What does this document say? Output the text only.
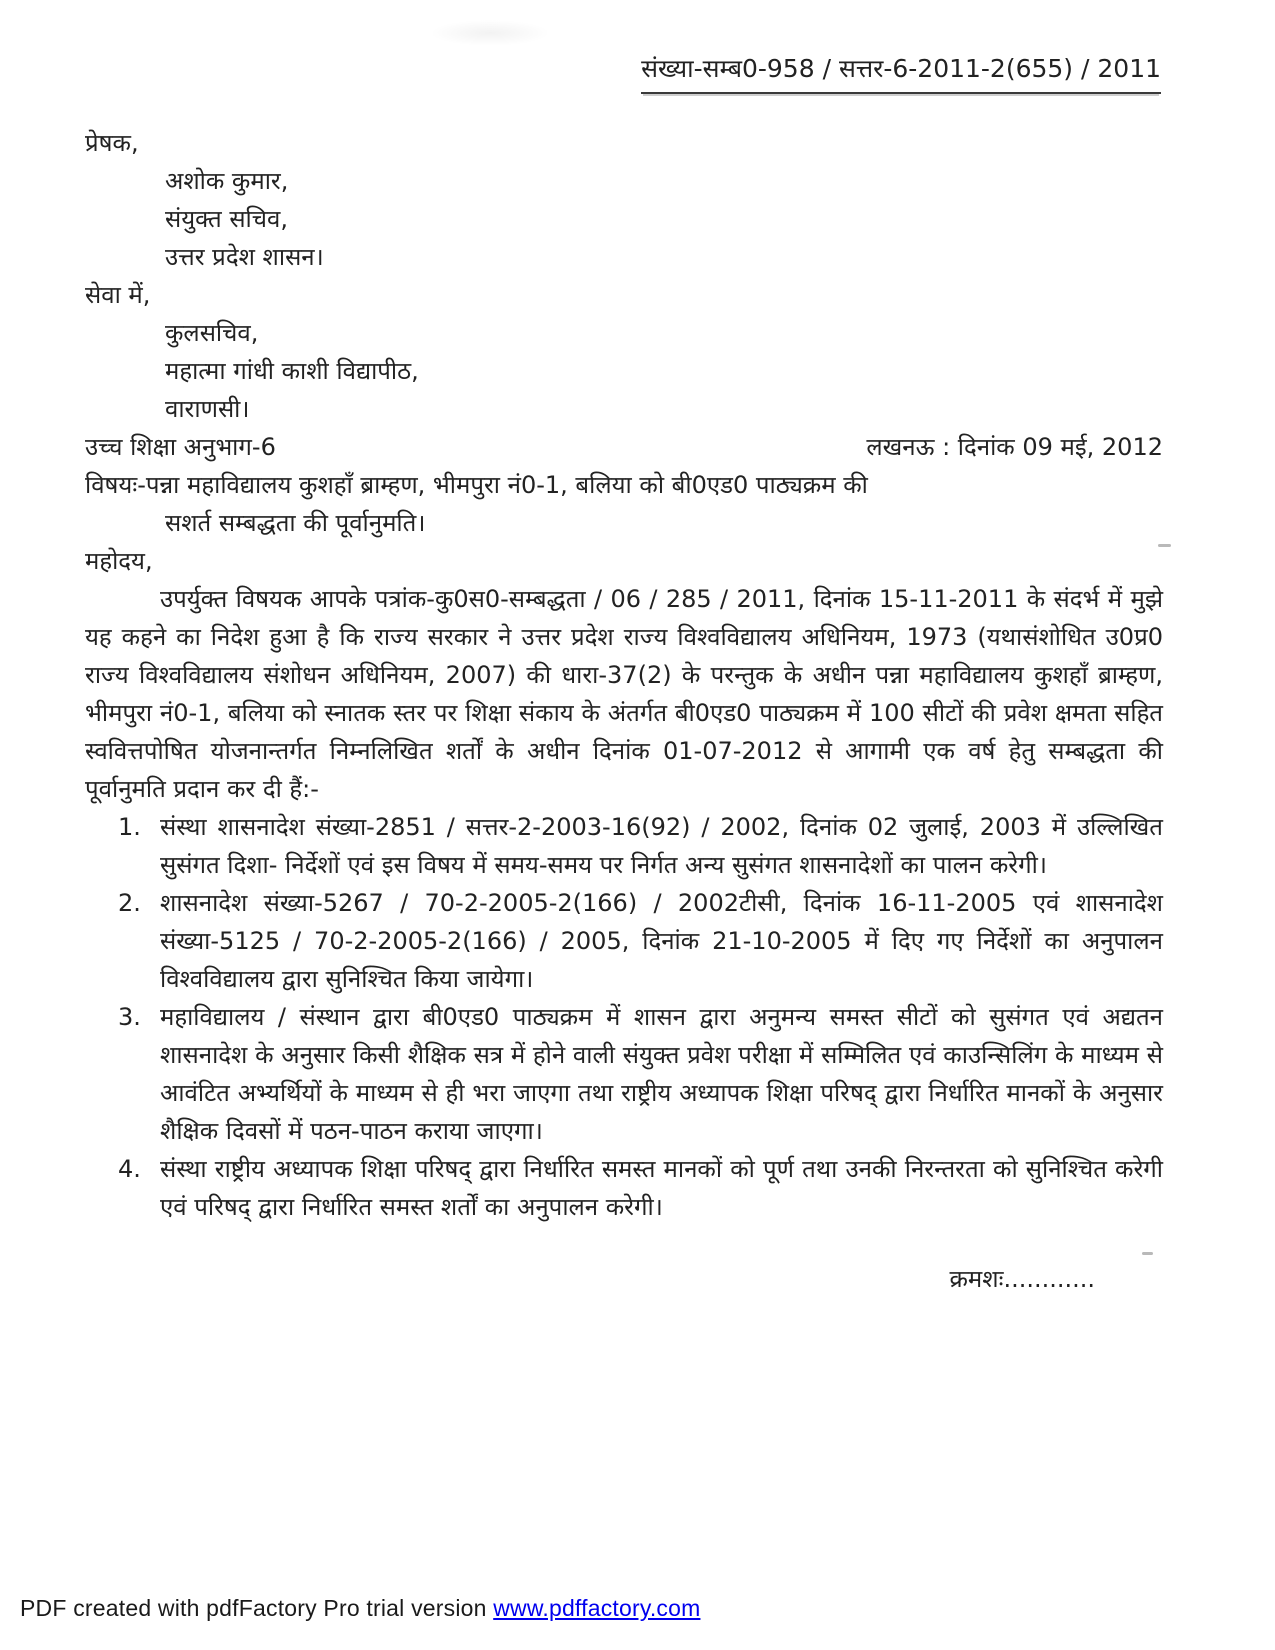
संख्या-सम्ब0-958 / सत्तर-6-2011-2(655) / 2011
प्रेषक,
अशोक कुमार,
संयुक्त सचिव,
उत्तर प्रदेश शासन।
सेवा में,
कुलसचिव,
महात्मा गांधी काशी विद्यापीठ,
वाराणसी।
उच्च शिक्षा अनुभाग-6	लखनऊ : दिनांक 09 मई, 2012
विषयः-पन्ना महाविद्यालय कुशहाँ ब्राम्हण, भीमपुरा नं0-1, बलिया को बी0एड0 पाठ्यक्रम की
सशर्त सम्बद्धता की पूर्वानुमति।
महोदय,
उपर्युक्त विषयक आपके पत्रांक-कु0स0-सम्बद्धता / 06 / 285 / 2011, दिनांक 15-11-2011 के संदर्भ में मुझे यह कहने का निदेश हुआ है कि राज्य सरकार ने उत्तर प्रदेश राज्य विश्वविद्यालय अधिनियम, 1973 (यथासंशोधित उ0प्र0 राज्य विश्वविद्यालय संशोधन अधिनियम, 2007) की धारा-37(2) के परन्तुक के अधीन पन्ना महाविद्यालय कुशहाँ ब्राम्हण, भीमपुरा नं0-1, बलिया को स्नातक स्तर पर शिक्षा संकाय के अंतर्गत बी0एड0 पाठ्यक्रम में 100 सीटों की प्रवेश क्षमता सहित स्ववित्तपोषित योजनान्तर्गत निम्नलिखित शर्तों के अधीन दिनांक 01-07-2012 से आगामी एक वर्ष हेतु सम्बद्धता की पूर्वानुमति प्रदान कर दी हैं:-
1. संस्था शासनादेश संख्या-2851 / सत्तर-2-2003-16(92) / 2002, दिनांक 02 जुलाई, 2003 में उल्लिखित सुसंगत दिशा- निर्देशों एवं इस विषय में समय-समय पर निर्गत अन्य सुसंगत शासनादेशों का पालन करेगी।
2. शासनादेश संख्या-5267 / 70-2-2005-2(166) / 2002टीसी, दिनांक 16-11-2005 एवं शासनादेश संख्या-5125 / 70-2-2005-2(166) / 2005, दिनांक 21-10-2005 में दिए गए निर्देशों का अनुपालन विश्वविद्यालय द्वारा सुनिश्चित किया जायेगा।
3. महाविद्यालय / संस्थान द्वारा बी0एड0 पाठ्यक्रम में शासन द्वारा अनुमन्य समस्त सीटों को सुसंगत एवं अद्यतन शासनादेश के अनुसार किसी शैक्षिक सत्र में होने वाली संयुक्त प्रवेश परीक्षा में सम्मिलित एवं काउन्सिलिंग के माध्यम से आवंटित अभ्यर्थियों के माध्यम से ही भरा जाएगा तथा राष्ट्रीय अध्यापक शिक्षा परिषद् द्वारा निर्धारित मानकों के अनुसार शैक्षिक दिवसों में पठन-पाठन कराया जाएगा।
4. संस्था राष्ट्रीय अध्यापक शिक्षा परिषद् द्वारा निर्धारित समस्त मानकों को पूर्ण तथा उनकी निरन्तरता को सुनिश्चित करेगी एवं परिषद् द्वारा निर्धारित समस्त शर्तों का अनुपालन करेगी।
क्रमशः............
PDF created with pdfFactory Pro trial version www.pdffactory.com
